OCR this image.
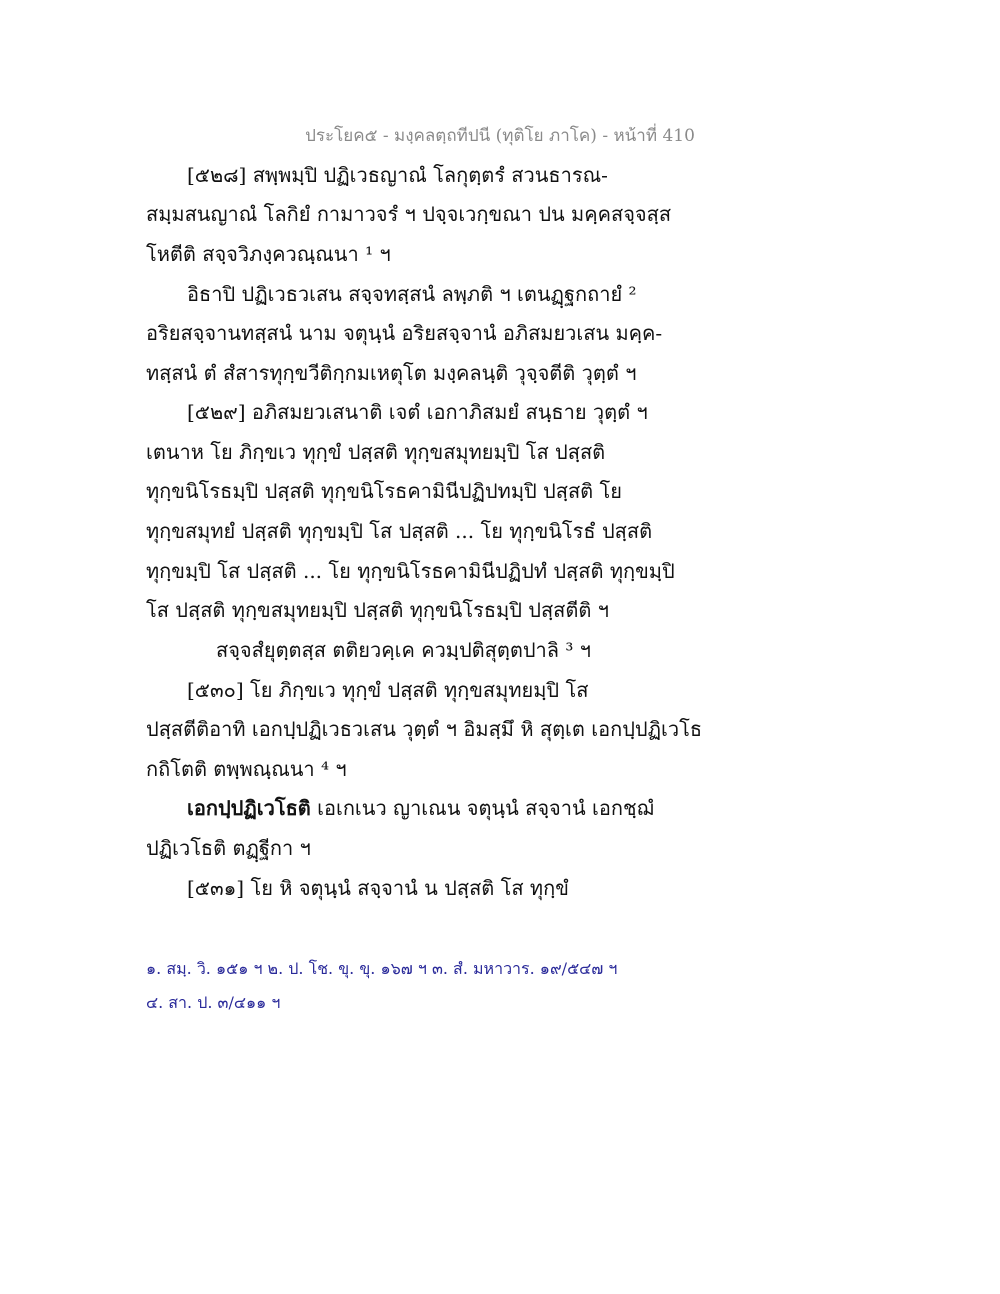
ประโยค๕ - มงฺคลตฺถทีปนี (ทุติโย ภาโค) - หน้าที่ 410
[๕๒๘] สพฺพมฺปิ ปฏิเวธญาณํ โลกุตฺตรํ สวนธารณ-
สมฺมสนญาณํ โลกิยํ กามาวจรํ ฯ ปจฺจเวกฺขณา ปน มคฺคสจฺจสฺส
โหตีติ สจฺจวิภงฺควณฺณนา ¹ ฯ
อิธาปิ ปฏิเวธวเสน สจฺจทสฺสนํ ลพฺภติ ฯ เตนฏฺฐกถายํ ²
อริยสจฺจานทสฺสนํ นาม จตุนฺนํ อริยสจฺจานํ อภิสมยวเสน มคฺค-
ทสฺสนํ ตํ สํสารทุกฺขวีติกฺกมเหตุโต มงฺคลนฺติ วุจฺจตีติ วุตฺตํ ฯ
[๕๒๙] อภิสมยวเสนาติ เจตํ เอกาภิสมยํ สนฺธาย วุตฺตํ ฯ
เตนาห โย ภิกฺขเว ทุกฺขํ ปสฺสติ ทุกฺขสมุทยมฺปิ โส ปสฺสติ
ทุกฺขนิโรธมฺปิ ปสฺสติ ทุกฺขนิโรธคามินีปฏิปทมฺปิ ปสฺสติ โย
ทุกฺขสมุทยํ ปสฺสติ ทุกฺขมฺปิ โส ปสฺสติ ... โย ทุกฺขนิโรธํ ปสฺสติ
ทุกฺขมฺปิ โส ปสฺสติ ... โย ทุกฺขนิโรธคามินีปฏิปทํ ปสฺสติ ทุกฺขมฺปิ
โส ปสฺสติ ทุกฺขสมุทยมฺปิ ปสฺสติ ทุกฺขนิโรธมฺปิ ปสฺสตีติ ฯ
สจฺจสํยุตฺตสฺส ตติยวคฺเค ควมฺปติสุตฺตปาลิ ³ ฯ
[๕๓๐] โย ภิกฺขเว ทุกฺขํ ปสฺสติ ทุกฺขสมุทยมฺปิ โส
ปสฺสตีติอาทิ เอกปฺปฏิเวธวเสน วุตฺตํ ฯ อิมสฺมึ หิ สุตฺเต เอกปฺปฏิเวโธ
กถิโตติ ตพฺพณฺณนา ⁴ ฯ
เอกปฺปฏิเวโธติ เอเกเนว ญาเณน จตุนฺนํ สจฺจานํ เอกชฺฌํ
ปฏิเวโธติ ตฏฺฐีกา ฯ
[๕๓๑] โย หิ จตุนฺนํ สจฺจานํ น ปสฺสติ โส ทุกฺขํ
๑. สมฺ. วิ. ๑๕๑ ฯ ๒. ป. โช. ขุ. ขุ. ๑๖๗ ฯ ๓. สํ. มหาวาร. ๑๙/๕๔๗ ฯ
๔. สา. ป. ๓/๔๑๑ ฯ
